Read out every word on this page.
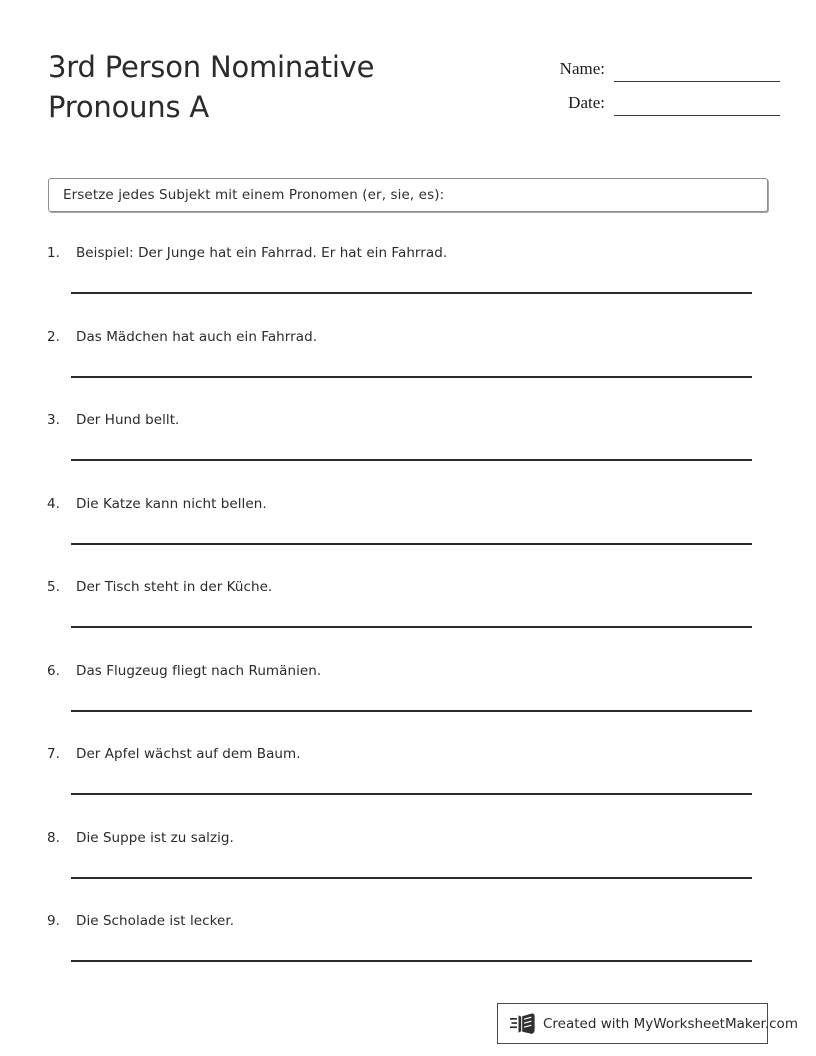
3rd Person Nominative Pronouns A
Name:
Date:
Ersetze jedes Subjekt mit einem Pronomen (er, sie, es):
1.	Beispiel: Der Junge hat ein Fahrrad. Er hat ein Fahrrad.
2.	Das Mädchen hat auch ein Fahrrad.
3.	Der Hund bellt.
4.	Die Katze kann nicht bellen.
5.	Der Tisch steht in der Küche.
6.	Das Flugzeug fliegt nach Rumänien.
7.	Der Apfel wächst auf dem Baum.
8.	Die Suppe ist zu salzig.
9.	Die Scholade ist lecker.
Created with MyWorksheetMaker.com
